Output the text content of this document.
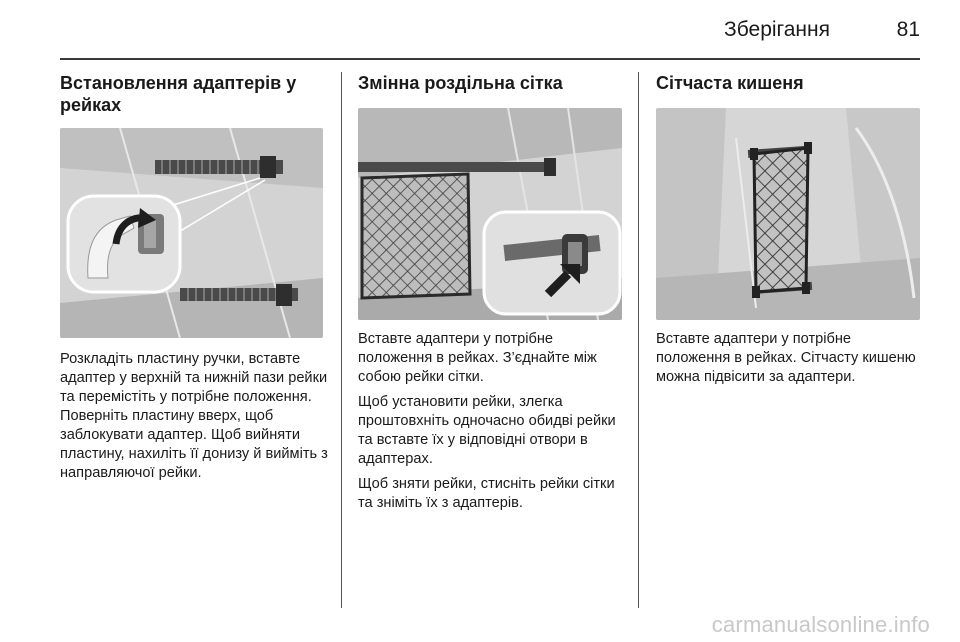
Зберігання	81
Встановлення адаптерів у рейках

Розкладіть пластину ручки, вставте адаптер у верхній та нижній пази рейки та перемістіть у потрібне положення. Поверніть пластину вверх, щоб заблокувати адаптер. Щоб вийняти пластину, нахиліть її донизу й вийміть з направляючої рейки.

Змінна роздільна сітка

Вставте адаптери у потрібне положення в рейках. З’єднайте між собою рейки сітки.

Щоб установити рейки, злегка проштовхніть одночасно обидві рейки та вставте їх у відповідні отвори в адаптерах.

Щоб зняти рейки, стисніть рейки сітки та зніміть їх з адаптерів.

Сітчаста кишеня

Вставте адаптери у потрібне положення в рейках. Сітчасту кишеню можна підвісити за адаптери.

carmanualsonline.info
